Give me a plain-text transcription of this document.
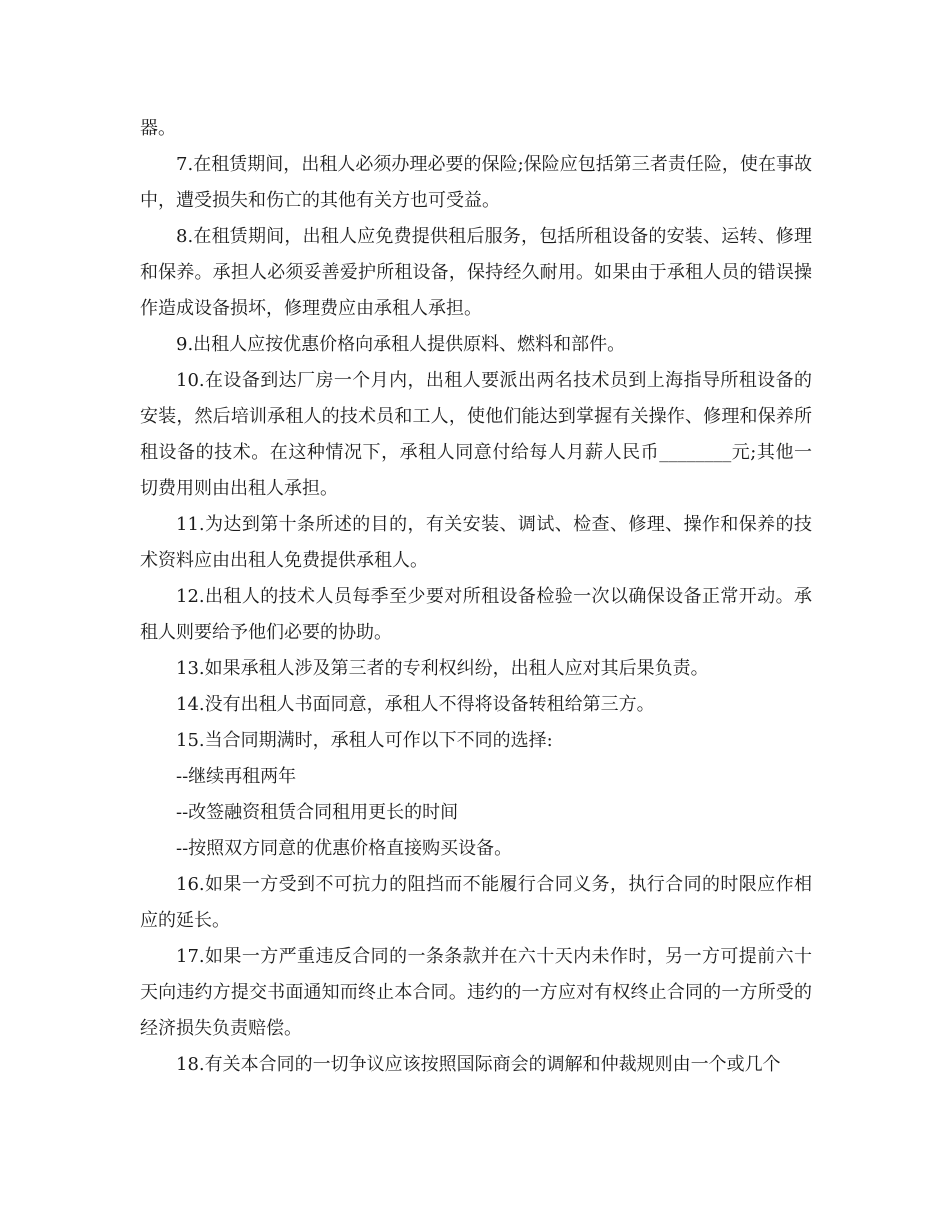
器。

7.在租赁期间，出租人必须办理必要的保险;保险应包括第三者责任险，使在事故中，遭受损失和伤亡的其他有关方也可受益。

8.在租赁期间，出租人应免费提供租后服务，包括所租设备的安装、运转、修理和保养。承担人必须妥善爱护所租设备，保持经久耐用。如果由于承租人员的错误操作造成设备损坏，修理费应由承租人承担。

9.出租人应按优惠价格向承租人提供原料、燃料和部件。

10.在设备到达厂房一个月内，出租人要派出两名技术员到上海指导所租设备的安装，然后培训承租人的技术员和工人，使他们能达到掌握有关操作、修理和保养所租设备的技术。在这种情况下，承租人同意付给每人月薪人民币________元;其他一切费用则由出租人承担。

11.为达到第十条所述的目的，有关安装、调试、检查、修理、操作和保养的技术资料应由出租人免费提供承租人。

12.出租人的技术人员每季至少要对所租设备检验一次以确保设备正常开动。承租人则要给予他们必要的协助。

13.如果承租人涉及第三者的专利权纠纷，出租人应对其后果负责。

14.没有出租人书面同意，承租人不得将设备转租给第三方。

15.当合同期满时，承租人可作以下不同的选择:

--继续再租两年

--改签融资租赁合同租用更长的时间

--按照双方同意的优惠价格直接购买设备。

16.如果一方受到不可抗力的阻挡而不能履行合同义务，执行合同的时限应作相应的延长。

17.如果一方严重违反合同的一条条款并在六十天内未作时，另一方可提前六十天向违约方提交书面通知而终止本合同。违约的一方应对有权终止合同的一方所受的经济损失负责赔偿。

18.有关本合同的一切争议应该按照国际商会的调解和仲裁规则由一个或几个
